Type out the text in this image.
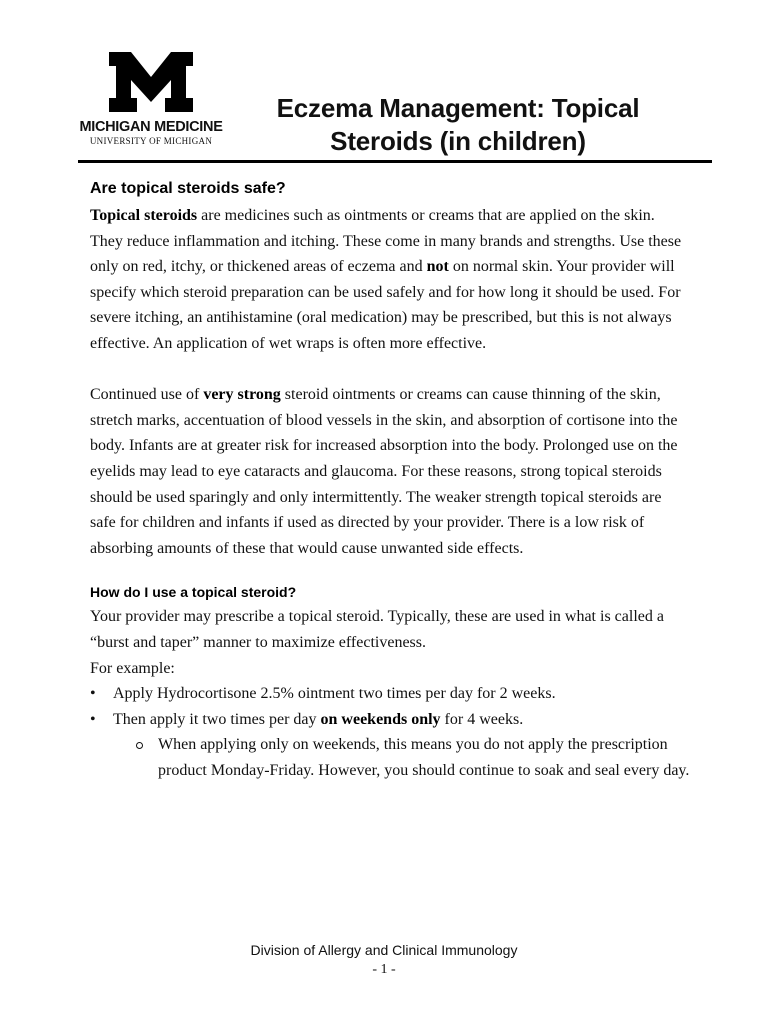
MICHIGAN MEDICINE
UNIVERSITY OF MICHIGAN
Eczema Management: Topical
Steroids (in children)
Are topical steroids safe?

Topical steroids are medicines such as ointments or creams that are applied on the skin. They reduce inflammation and itching. These come in many brands and strengths. Use these only on red, itchy, or thickened areas of eczema and not on normal skin. Your provider will specify which steroid preparation can be used safely and for how long it should be used. For severe itching, an antihistamine (oral medication) may be prescribed, but this is not always effective. An application of wet wraps is often more effective.

Continued use of very strong steroid ointments or creams can cause thinning of the skin, stretch marks, accentuation of blood vessels in the skin, and absorption of cortisone into the body. Infants are at greater risk for increased absorption into the body. Prolonged use on the eyelids may lead to eye cataracts and glaucoma. For these reasons, strong topical steroids should be used sparingly and only intermittently. The weaker strength topical steroids are safe for children and infants if used as directed by your provider. There is a low risk of absorbing amounts of these that would cause unwanted side effects.

How do I use a topical steroid?

Your provider may prescribe a topical steroid. Typically, these are used in what is called a “burst and taper” manner to maximize effectiveness.

For example:

• Apply Hydrocortisone 2.5% ointment two times per day for 2 weeks.
• Then apply it two times per day on weekends only for 4 weeks.
When applying only on weekends, this means you do not apply the prescription product Monday-Friday. However, you should continue to soak and seal every day.
Division of Allergy and Clinical Immunology
- 1 -
